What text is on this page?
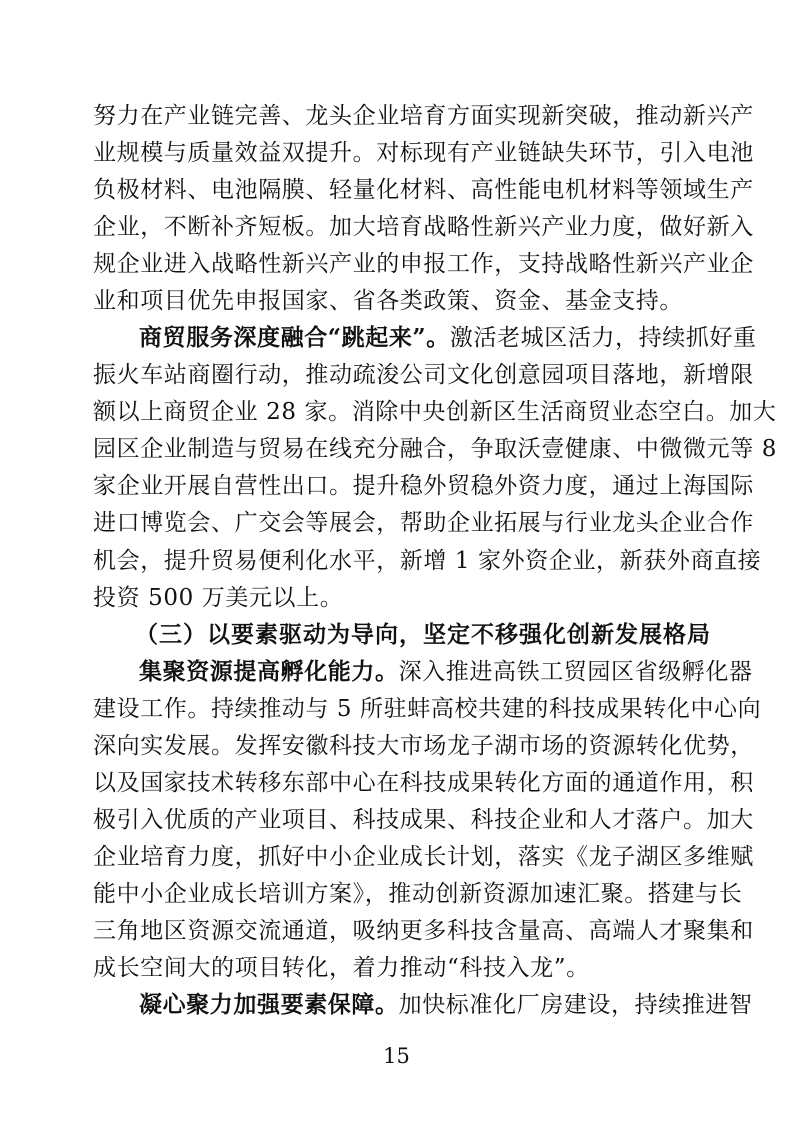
努力在产业链完善、龙头企业培育方面实现新突破，推动新兴产
业规模与质量效益双提升。对标现有产业链缺失环节，引入电池
负极材料、电池隔膜、轻量化材料、高性能电机材料等领域生产
企业，不断补齐短板。加大培育战略性新兴产业力度，做好新入
规企业进入战略性新兴产业的申报工作，支持战略性新兴产业企
业和项目优先申报国家、省各类政策、资金、基金支持。
商贸服务深度融合“跳起来”。激活老城区活力，持续抓好重
振火车站商圈行动，推动疏浚公司文化创意园项目落地，新增限
额以上商贸企业 28 家。消除中央创新区生活商贸业态空白。加大
园区企业制造与贸易在线充分融合，争取沃壹健康、中微微元等 8
家企业开展自营性出口。提升稳外贸稳外资力度，通过上海国际
进口博览会、广交会等展会，帮助企业拓展与行业龙头企业合作
机会，提升贸易便利化水平，新增 1 家外资企业，新获外商直接
投资 500 万美元以上。
（三）以要素驱动为导向，坚定不移强化创新发展格局
集聚资源提高孵化能力。深入推进高铁工贸园区省级孵化器
建设工作。持续推动与 5 所驻蚌高校共建的科技成果转化中心向
深向实发展。发挥安徽科技大市场龙子湖市场的资源转化优势，
以及国家技术转移东部中心在科技成果转化方面的通道作用，积
极引入优质的产业项目、科技成果、科技企业和人才落户。加大
企业培育力度，抓好中小企业成长计划，落实《龙子湖区多维赋
能中小企业成长培训方案》，推动创新资源加速汇聚。搭建与长
三角地区资源交流通道，吸纳更多科技含量高、高端人才聚集和
成长空间大的项目转化，着力推动“科技入龙”。
凝心聚力加强要素保障。加快标准化厂房建设，持续推进智
15
